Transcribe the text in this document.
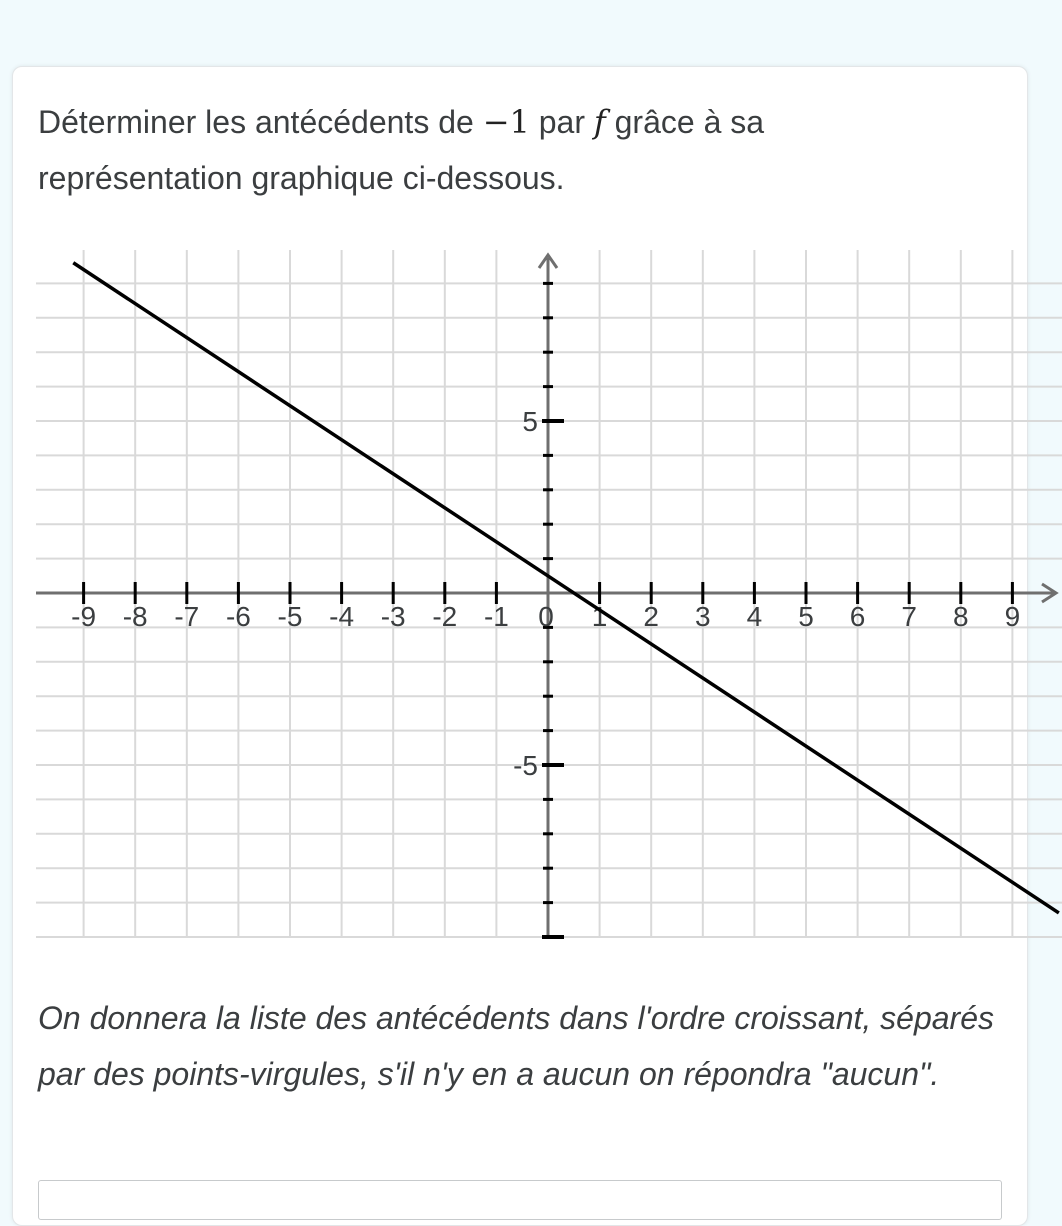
Déterminer les antécédents de −1 par f grâce à sa représentation graphique ci-dessous.

-9 -8 -7 -6 -5 -4 -3 -2 -1 0 1 2 3 4 5 6 7 8 9
5
-5

On donnera la liste des antécédents dans l'ordre croissant, séparés par des points-virgules, s'il n'y en a aucun on répondra "aucun".
